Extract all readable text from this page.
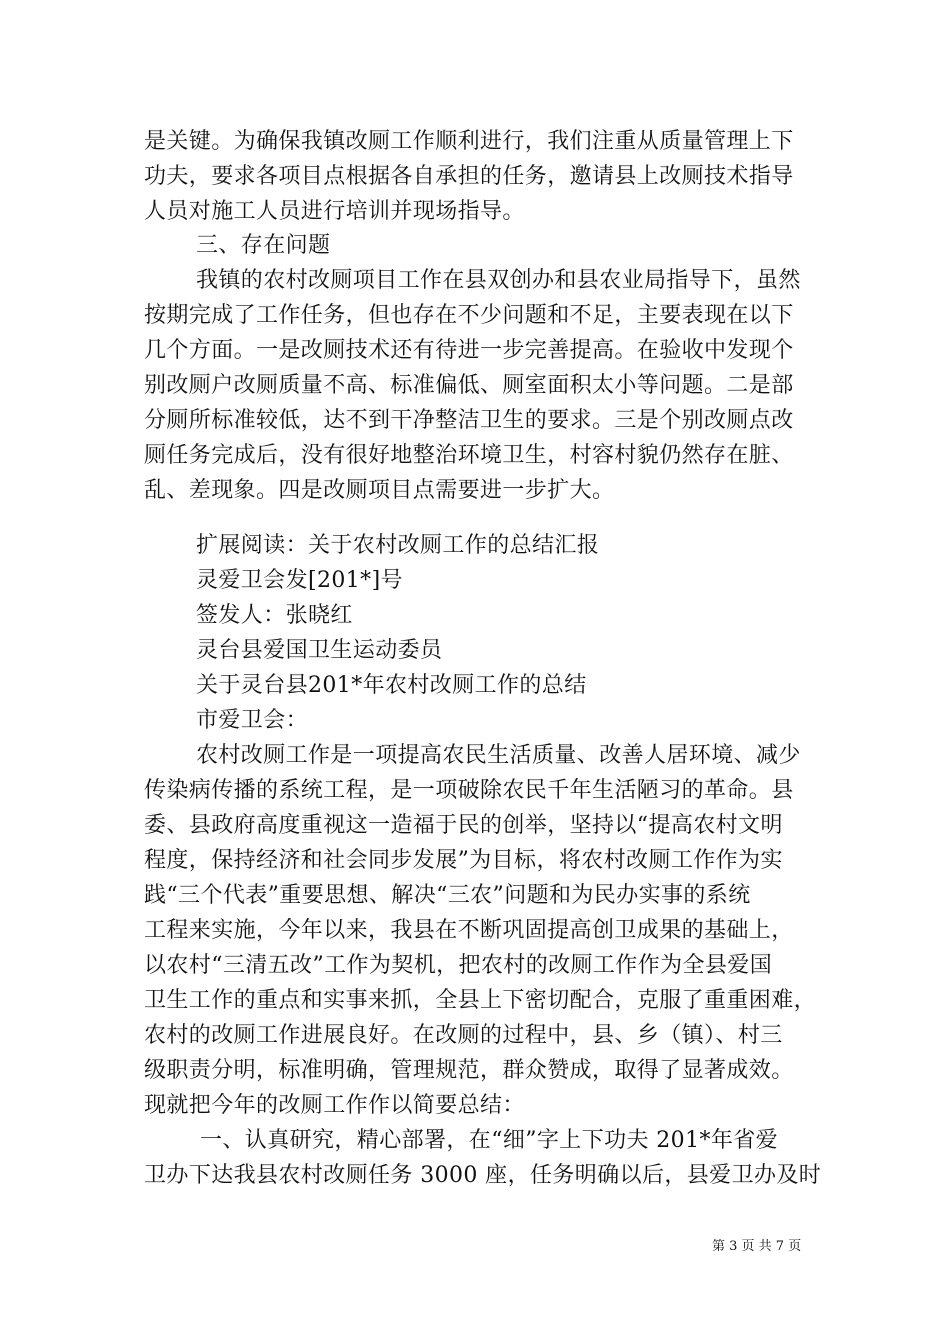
是关键。为确保我镇改厕工作顺利进行，我们注重从质量管理上下
功夫，要求各项目点根据各自承担的任务，邀请县上改厕技术指导
人员对施工人员进行培训并现场指导。
三、存在问题
我镇的农村改厕项目工作在县双创办和县农业局指导下，虽然
按期完成了工作任务，但也存在不少问题和不足，主要表现在以下
几个方面。一是改厕技术还有待进一步完善提高。在验收中发现个
别改厕户改厕质量不高、标准偏低、厕室面积太小等问题。二是部
分厕所标准较低，达不到干净整洁卫生的要求。三是个别改厕点改
厕任务完成后，没有很好地整治环境卫生，村容村貌仍然存在脏、
乱、差现象。四是改厕项目点需要进一步扩大。
扩展阅读：关于农村改厕工作的总结汇报
灵爱卫会发[201*]号
签发人：张晓红
灵台县爱国卫生运动委员
关于灵台县201*年农村改厕工作的总结
市爱卫会：
农村改厕工作是一项提高农民生活质量、改善人居环境、减少
传染病传播的系统工程，是一项破除农民千年生活陋习的革命。县
委、县政府高度重视这一造福于民的创举，坚持以“提高农村文明
程度，保持经济和社会同步发展”为目标，将农村改厕工作作为实
践“三个代表”重要思想、解决“三农”问题和为民办实事的系统
工程来实施，今年以来，我县在不断巩固提高创卫成果的基础上，
以农村“三清五改”工作为契机，把农村的改厕工作作为全县爱国
卫生工作的重点和实事来抓，全县上下密切配合，克服了重重困难，
农村的改厕工作进展良好。在改厕的过程中，县、乡（镇）、村三
级职责分明，标准明确，管理规范，群众赞成，取得了显著成效。
现就把今年的改厕工作作以简要总结：
一、认真研究，精心部署，在“细”字上下功夫 201*年省爱
卫办下达我县农村改厕任务 3000 座，任务明确以后，县爱卫办及时
第 3 页 共 7 页
